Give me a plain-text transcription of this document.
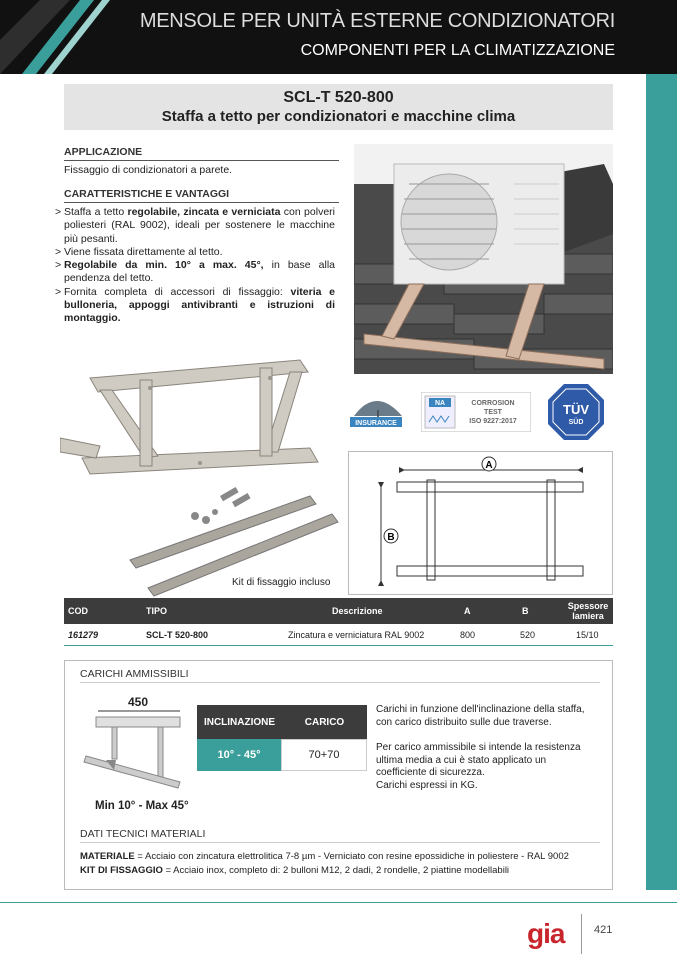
MENSOLE PER UNITÀ ESTERNE CONDIZIONATORI
COMPONENTI PER LA CLIMATIZZAZIONE
SCL-T 520-800
Staffa a tetto per condizionatori e macchine clima
APPLICAZIONE
Fissaggio di condizionatori a parete.
CARATTERISTICHE E VANTAGGI
> Staffa a tetto regolabile, zincata e verniciata con polveri poliesteri (RAL 9002), ideali per sostenere le macchine più pesanti.
> Viene fissata direttamente al tetto.
> Regolabile da min. 10° a max. 45°, in base alla pendenza del tetto.
> Fornita completa di accessori di fissaggio: viteria e bulloneria, appoggi antivibranti e istruzioni di montaggio.
Kit di fissaggio incluso
INSURANCE
NA	CORROSION
TEST
ISO 9227:2017
TÜV
SÜD
A
B
COD	TIPO	Descrizione	A	B	Spessore
lamiera
161279	SCL-T 520-800	Zincatura e verniciatura RAL 9002	800	520	15/10
CARICHI AMMISSIBILI
450
Min 10° - Max 45°
INCLINAZIONE	CARICO
10° - 45°	70+70
Carichi in funzione dell'inclinazione della staffa, con carico distribuito sulle due traverse.
Per carico ammissibile si intende la resistenza ultima media a cui è stato applicato un coefficiente di sicurezza.
Carichi espressi in KG.
DATI TECNICI MATERIALI
MATERIALE = Acciaio con zincatura elettrolitica 7-8 µm - Verniciato con resine epossidiche in poliestere - RAL 9002
KIT DI FISSAGGIO = Acciaio inox, completo di: 2 bulloni M12, 2 dadi, 2 rondelle, 2 piattine modellabili
gia	421
